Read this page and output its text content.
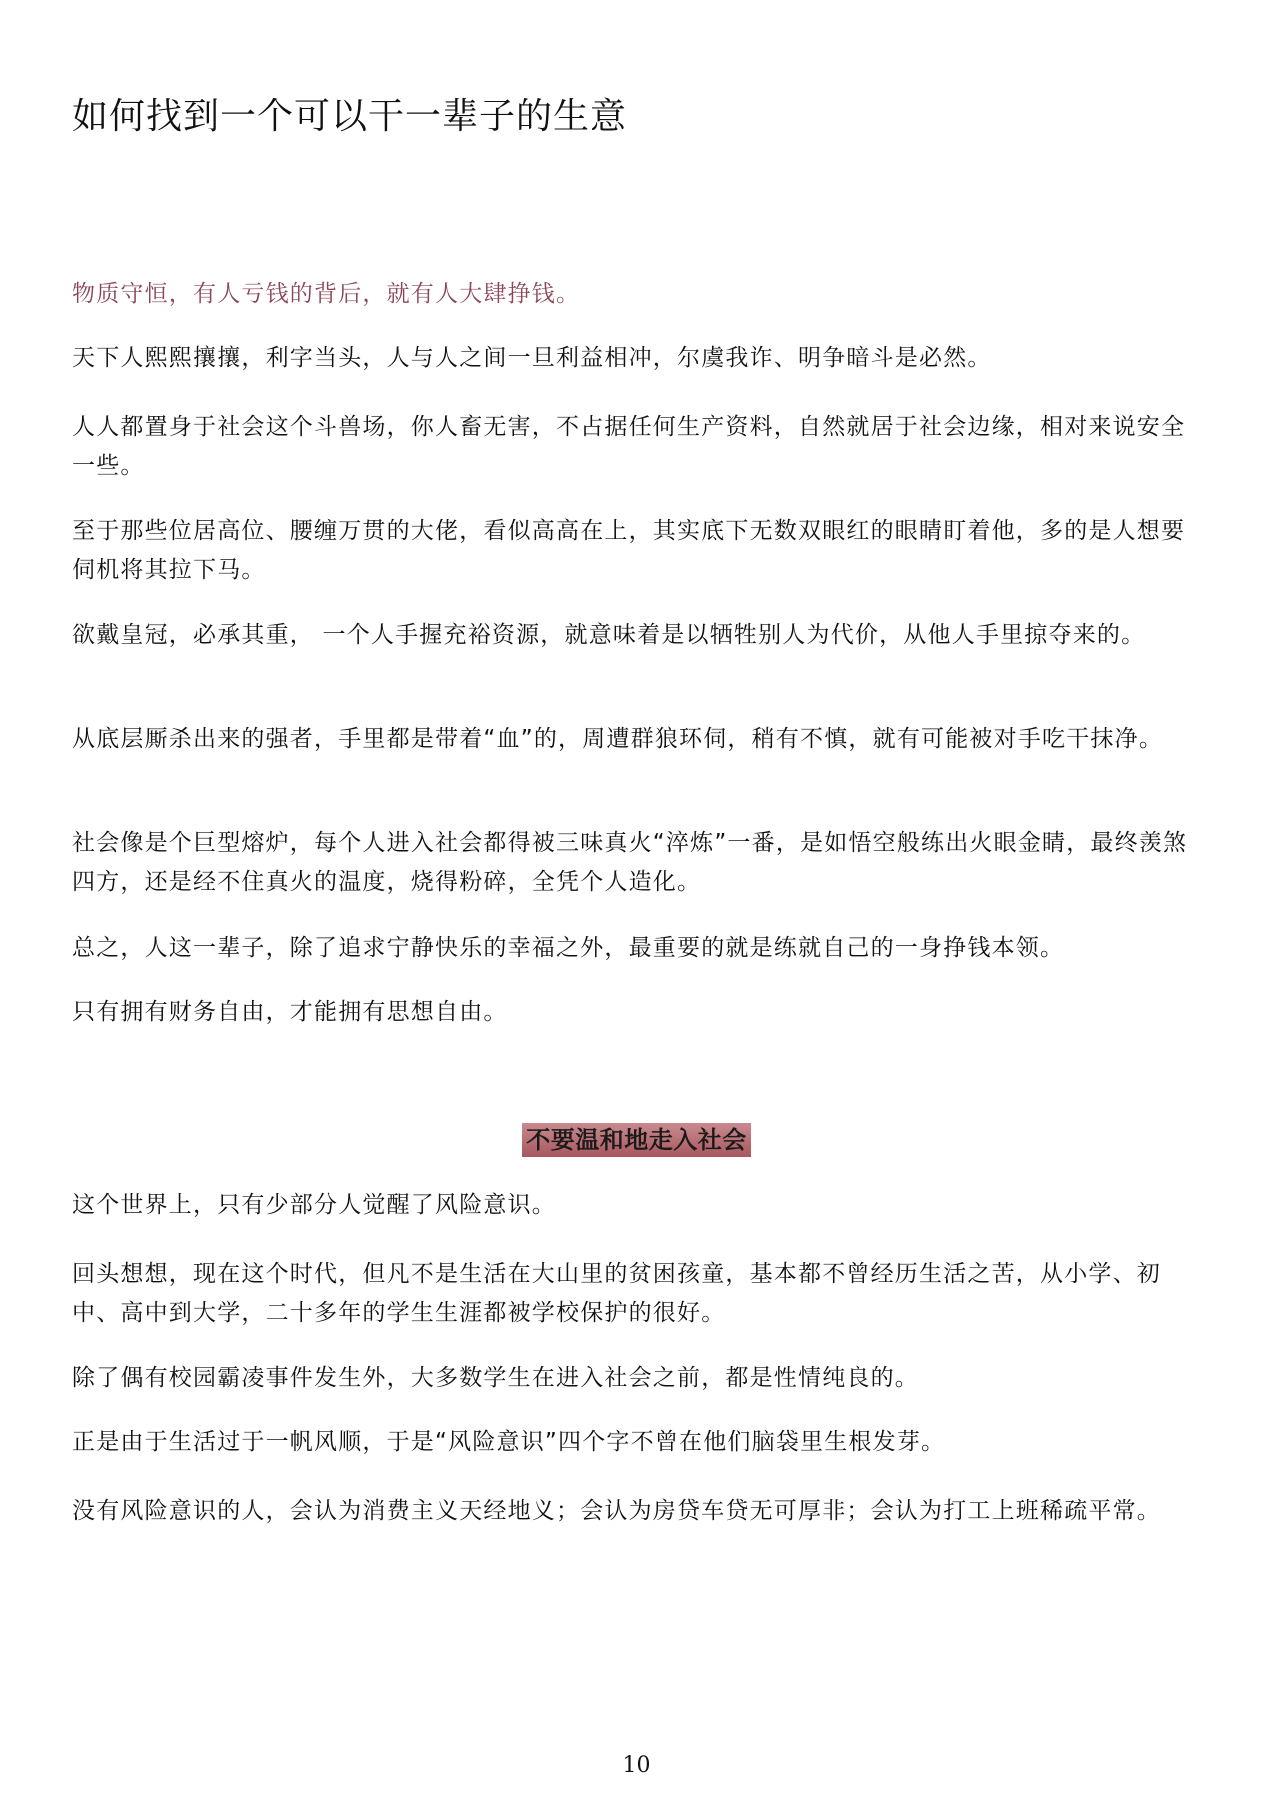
如何找到一个可以干一辈子的生意

物质守恒，有人亏钱的背后，就有人大肆挣钱。

天下人熙熙攘攘，利字当头，人与人之间一旦利益相冲，尔虞我诈、明争暗斗是必然。

人人都置身于社会这个斗兽场，你人畜无害，不占据任何生产资料，自然就居于社会边缘，相对来说安全一些。

至于那些位居高位、腰缠万贯的大佬，看似高高在上，其实底下无数双眼红的眼睛盯着他，多的是人想要伺机将其拉下马。

欲戴皇冠，必承其重， 一个人手握充裕资源，就意味着是以牺牲别人为代价，从他人手里掠夺来的。

从底层厮杀出来的强者，手里都是带着“血”的，周遭群狼环伺，稍有不慎，就有可能被对手吃干抹净。

社会像是个巨型熔炉，每个人进入社会都得被三味真火“淬炼”一番，是如悟空般练出火眼金睛，最终羡煞四方，还是经不住真火的温度，烧得粉碎，全凭个人造化。

总之，人这一辈子，除了追求宁静快乐的幸福之外，最重要的就是练就自己的一身挣钱本领。

只有拥有财务自由，才能拥有思想自由。

不要温和地走入社会

这个世界上，只有少部分人觉醒了风险意识。

回头想想，现在这个时代，但凡不是生活在大山里的贫困孩童，基本都不曾经历生活之苦，从小学、初中、高中到大学，二十多年的学生生涯都被学校保护的很好。

除了偶有校园霸凌事件发生外，大多数学生在进入社会之前，都是性情纯良的。

正是由于生活过于一帆风顺，于是“风险意识”四个字不曾在他们脑袋里生根发芽。

没有风险意识的人，会认为消费主义天经地义；会认为房贷车贷无可厚非；会认为打工上班稀疏平常。

10
